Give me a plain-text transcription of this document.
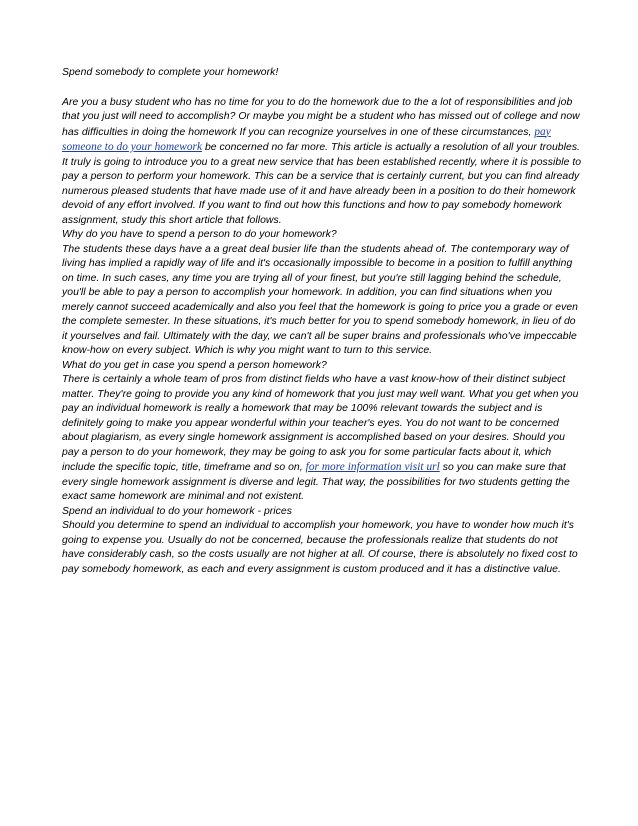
Spend somebody to complete your homework!

Are you a busy student who has no time for you to do the homework due to the a lot of responsibilities and job that you just will need to accomplish? Or maybe you might be a student who has missed out of college and now has difficulties in doing the homework If you can recognize yourselves in one of these circumstances, pay someone to do your homework be concerned no far more. This article is actually a resolution of all your troubles. It truly is going to introduce you to a great new service that has been established recently, where it is possible to pay a person to perform your homework. This can be a service that is certainly current, but you can find already numerous pleased students that have made use of it and have already been in a position to do their homework devoid of any effort involved. If you want to find out how this functions and how to pay somebody homework assignment, study this short article that follows.

Why do you have to spend a person to do your homework?

The students these days have a a great deal busier life than the students ahead of. The contemporary way of living has implied a rapidly way of life and it's occasionally impossible to become in a position to fulfill anything on time. In such cases, any time you are trying all of your finest, but you're still lagging behind the schedule, you'll be able to pay a person to accomplish your homework. In addition, you can find situations when you merely cannot succeed academically and also you feel that the homework is going to price you a grade or even the complete semester. In these situations, it's much better for you to spend somebody homework, in lieu of do it yourselves and fail. Ultimately with the day, we can't all be super brains and professionals who've impeccable know-how on every subject. Which is why you might want to turn to this service.

What do you get in case you spend a person homework?

There is certainly a whole team of pros from distinct fields who have a vast know-how of their distinct subject matter. They're going to provide you any kind of homework that you just may well want. What you get when you pay an individual homework is really a homework that may be 100% relevant towards the subject and is definitely going to make you appear wonderful within your teacher's eyes. You do not want to be concerned about plagiarism, as every single homework assignment is accomplished based on your desires. Should you pay a person to do your homework, they may be going to ask you for some particular facts about it, which include the specific topic, title, timeframe and so on, for more information visit url so you can make sure that every single homework assignment is diverse and legit. That way, the possibilities for two students getting the exact same homework are minimal and not existent.

Spend an individual to do your homework - prices

Should you determine to spend an individual to accomplish your homework, you have to wonder how much it's going to expense you. Usually do not be concerned, because the professionals realize that students do not have considerably cash, so the costs usually are not higher at all. Of course, there is absolutely no fixed cost to pay somebody homework, as each and every assignment is custom produced and it has a distinctive value.
